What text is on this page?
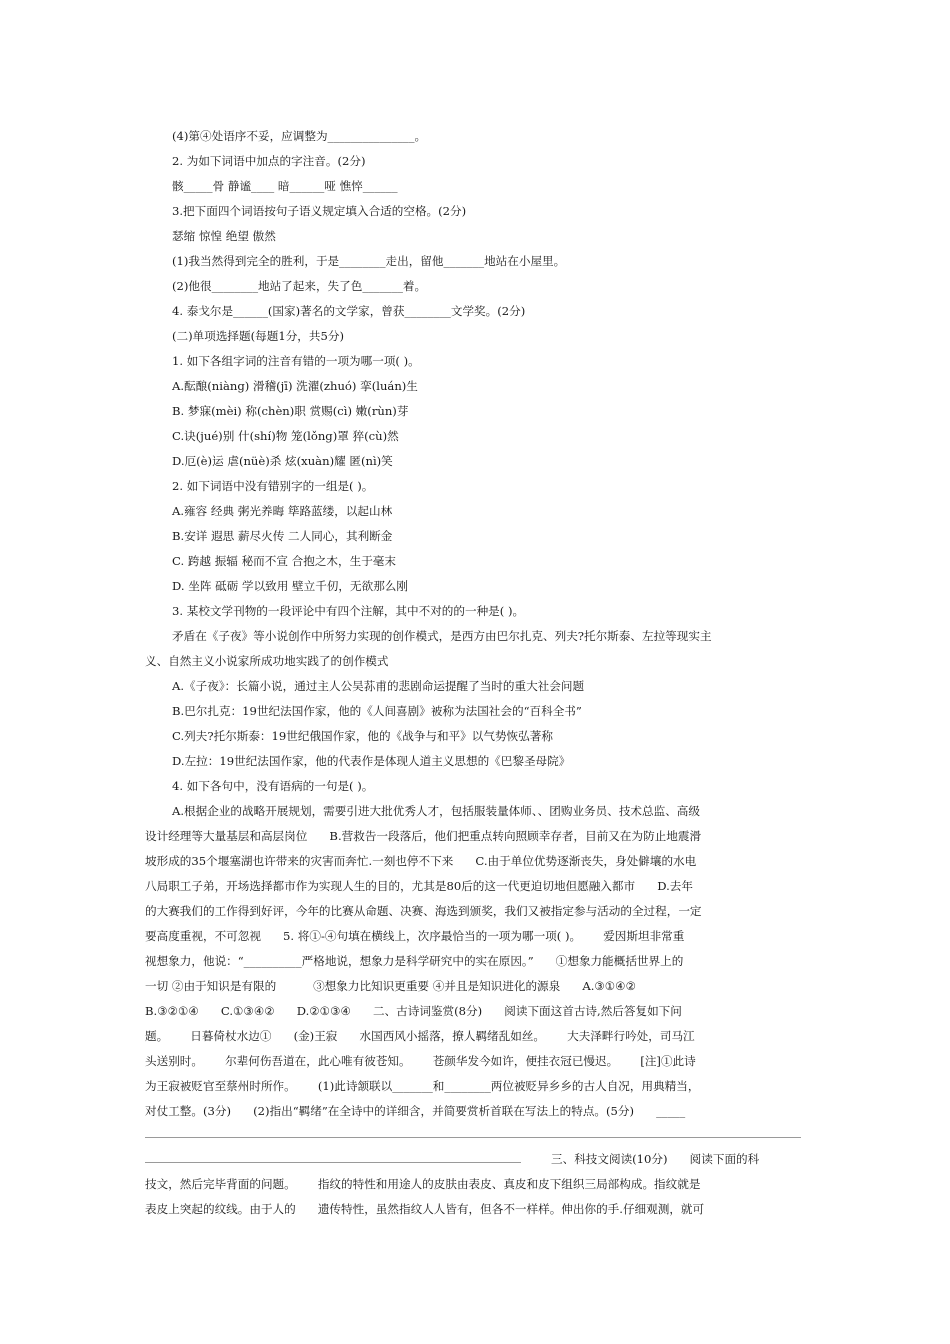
(4)第④处语序不妥，应调整为_______________。
2. 为如下词语中加点的字注音。(2分)
骸_____骨 静谧____ 暗______哑 憔悴______
3.把下面四个词语按句子语义规定填入合适的空格。(2分)
瑟缩 惊惶 绝望 傲然
(1)我当然得到完全的胜利，于是________走出，留他_______地站在小屋里。
(2)他很________地站了起来，失了色_______着。
4. 泰戈尔是______(国家)著名的文学家，曾获________文学奖。(2分)
(二)单项选择题(每题1分，共5分)
1. 如下各组字词的注音有错的一项为哪一项( )。
A.酝酿(niàng) 滑稽(jī) 洗濯(zhuó) 挛(luán)生
B. 梦寐(mèi) 称(chèn)职 赏赐(cì) 嫩(rùn)芽
C.诀(jué)别 什(shí)物 笼(lǒng)罩 猝(cù)然
D.厄(è)运 虐(nüè)杀 炫(xuàn)耀 匿(nì)笑
2. 如下词语中没有错别字的一组是( )。
A.雍容 经典 粥光养晦 筚路蓝缕，以起山林
B.安详 遐思 薪尽火传 二人同心，其利断金
C. 跨越 振辐 秘而不宣 合抱之木，生于毫末
D. 坐阵 砥砺 学以致用 壁立千仞，无欲那么刚
3. 某校文学刊物的一段评论中有四个注解，其中不对的的一种是( )。
矛盾在《子夜》等小说创作中所努力实现的创作模式，是西方由巴尔扎克、列夫?托尔斯泰、左拉等现实主
义、自然主义小说家所成功地实践了的创作模式
A.《子夜》：长篇小说，通过主人公吴荪甫的悲剧命运提醒了当时的重大社会问题
B.巴尔扎克：19世纪法国作家，他的《人间喜剧》被称为法国社会的“百科全书”
C.列夫?托尔斯泰：19世纪俄国作家，他的《战争与和平》以气势恢弘著称
D.左拉：19世纪法国作家，他的代表作是体现人道主义思想的《巴黎圣母院》
4. 如下各句中，没有语病的一句是( )。
A.根据企业的战略开展规划，需要引进大批优秀人才，包括服装量体师、、团购业务员、技术总监、高级
设计经理等大量基层和高层岗位      B.营救告一段落后，他们把重点转向照顾幸存者，目前又在为防止地震滑
坡形成的35个堰塞湖也许带来的灾害而奔忙.一刻也停不下来      C.由于单位优势逐渐丧失，身处僻壤的水电
八局职工子弟，开场选择都市作为实现人生的目的，尤其是80后的这一代更迫切地但愿融入都市      D.去年
的大赛我们的工作得到好评，今年的比赛从命题、决赛、海选到颁奖，我们又被指定参与活动的全过程，一定
要高度重视，不可忽视      5. 将①-④句填在横线上，次序最恰当的一项为哪一项( )。      爱因斯坦非常重
视想象力，他说：“__________严格地说，想象力是科学研究中的实在原因。”      ①想象力能概括世界上的
一切 ②由于知识是有限的          ③想象力比知识更重要 ④并且是知识进化的源泉      A.③①④②
B.③②①④      C.①③④②      D.②①③④      二、古诗词鉴赏(8分)      阅读下面这首古诗,然后答复如下问
题。      日暮倚杖水边①      (金)王寂      水国西风小摇落，撩人羁绪乱如丝。      大夫泽畔行吟处，司马江
头送别时。      尔辈何伤吾道在，此心唯有彼苍知。      苍颜华发今如许，便挂衣冠已慢迟。      [注]①此诗
为王寂被贬官至蔡州时所作。      (1)此诗颔联以_______和________两位被贬异乡乡的古人自况，用典精当，
对仗工整。(3分)      (2)指出“羁绪”在全诗中的详细含，并简要赏析首联在写法上的特点。(5分)      _____
三、科技文阅读(10分)      阅读下面的科
技文，然后完毕背面的问题。      指纹的特性和用途人的皮肤由表皮、真皮和皮下组织三局部构成。指纹就是
表皮上突起的纹线。由于人的      遗传特性，虽然指纹人人皆有，但各不一样样。伸出你的手.仔细观测，就可
